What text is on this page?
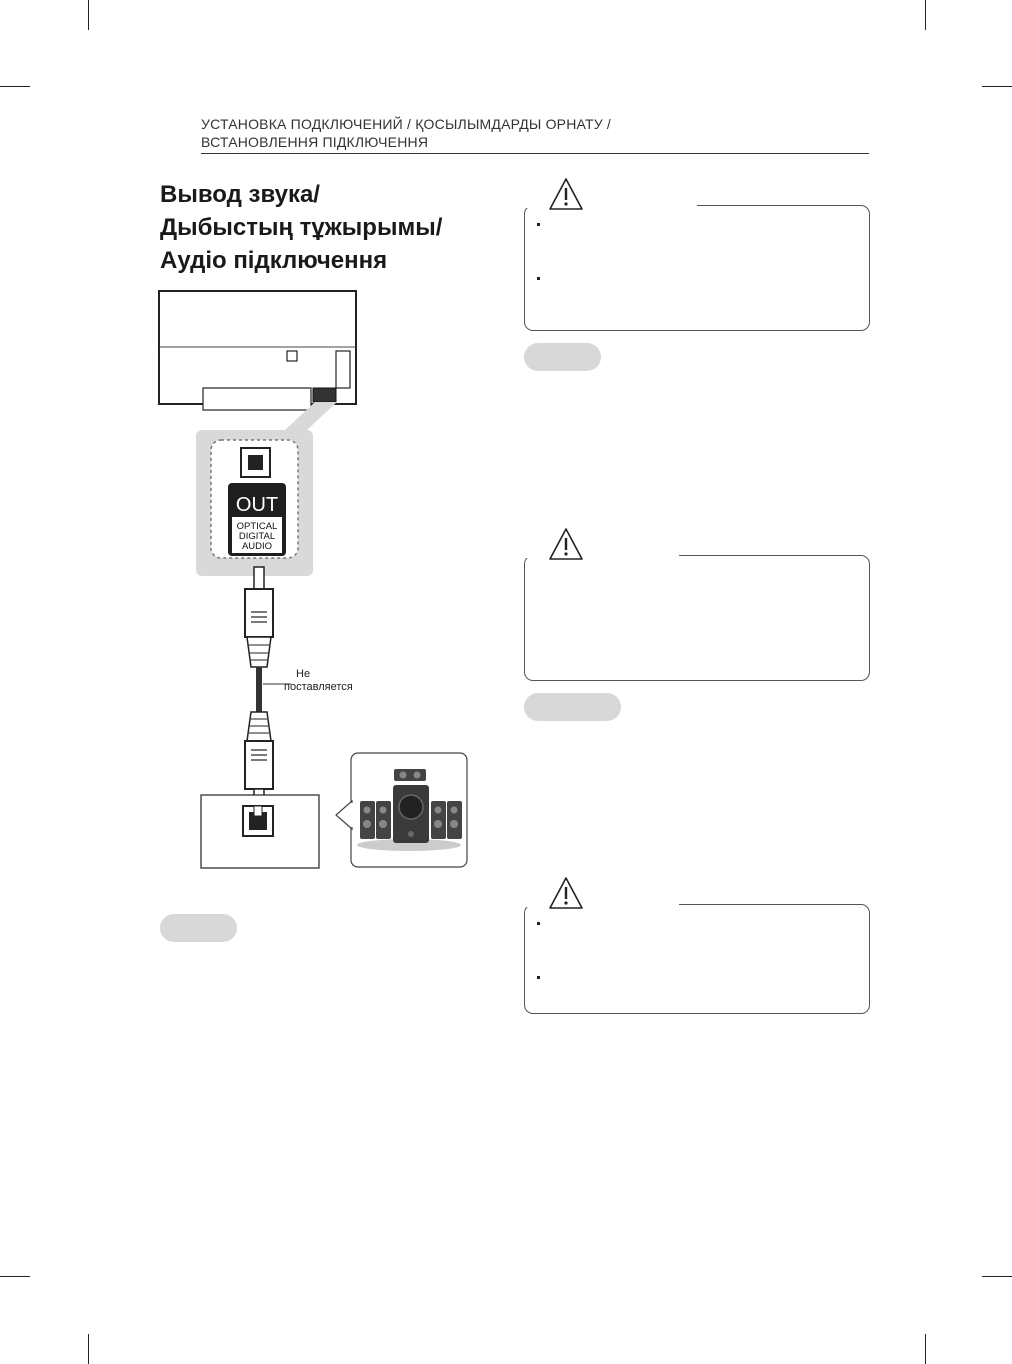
УСТАНОВКА ПОДКЛЮЧЕНИЙ / ҚОСЫЛЫМДАРДЫ ОРНАТУ /
ВСТАНОВЛЕННЯ ПІДКЛЮЧЕННЯ
Вывод звука/
Дыбыстың тұжырымы/
Аудіо підключення
OUT
OPTICAL
DIGITAL
AUDIO
Не
поставляется
